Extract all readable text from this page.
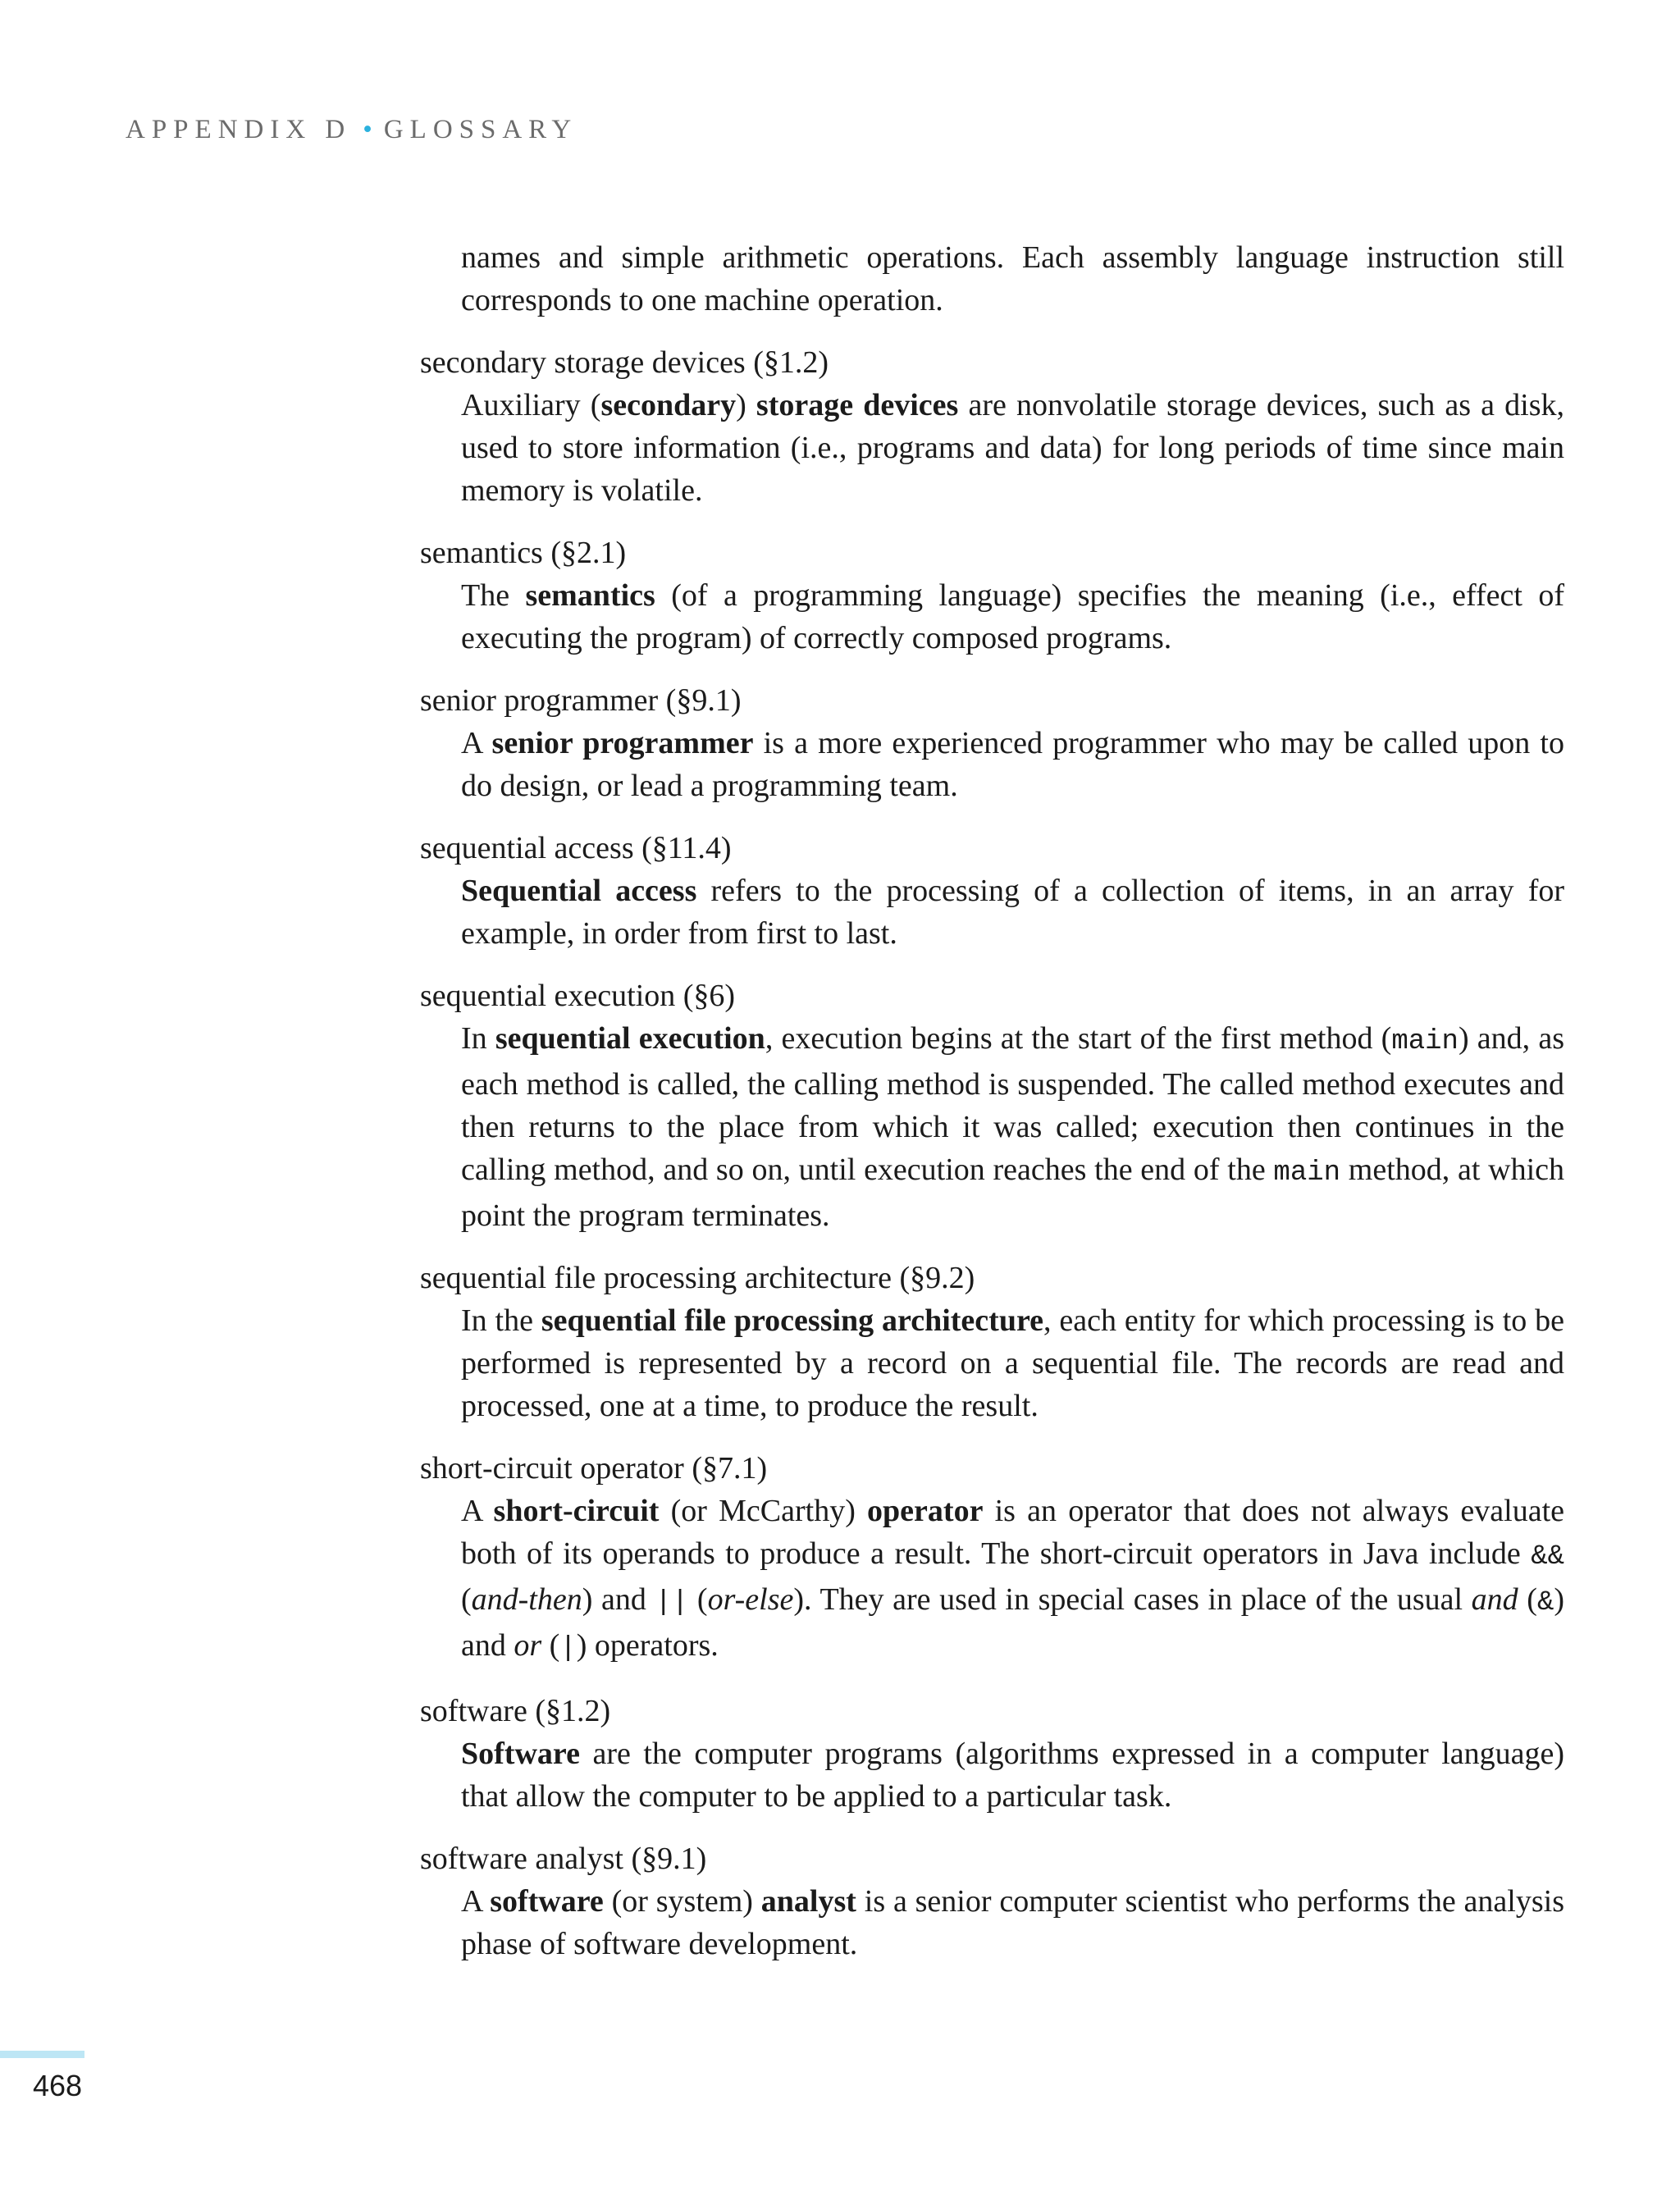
APPENDIX D • GLOSSARY
names and simple arithmetic operations. Each assembly language instruction still corresponds to one machine operation.
secondary storage devices (§1.2)
Auxiliary (secondary) storage devices are nonvolatile storage devices, such as a disk, used to store information (i.e., programs and data) for long periods of time since main memory is volatile.
semantics (§2.1)
The semantics (of a programming language) specifies the meaning (i.e., effect of executing the program) of correctly composed programs.
senior programmer (§9.1)
A senior programmer is a more experienced programmer who may be called upon to do design, or lead a programming team.
sequential access (§11.4)
Sequential access refers to the processing of a collection of items, in an array for example, in order from first to last.
sequential execution (§6)
In sequential execution, execution begins at the start of the first method (main) and, as each method is called, the calling method is suspended. The called method executes and then returns to the place from which it was called; execution then continues in the calling method, and so on, until execution reaches the end of the main method, at which point the program terminates.
sequential file processing architecture (§9.2)
In the sequential file processing architecture, each entity for which processing is to be performed is represented by a record on a sequential file. The records are read and processed, one at a time, to produce the result.
short-circuit operator (§7.1)
A short-circuit (or McCarthy) operator is an operator that does not always evaluate both of its operands to produce a result. The short-circuit operators in Java include && (and-then) and || (or-else). They are used in special cases in place of the usual and (&) and or (|) operators.
software (§1.2)
Software are the computer programs (algorithms expressed in a computer language) that allow the computer to be applied to a particular task.
software analyst (§9.1)
A software (or system) analyst is a senior computer scientist who performs the analysis phase of software development.
468
